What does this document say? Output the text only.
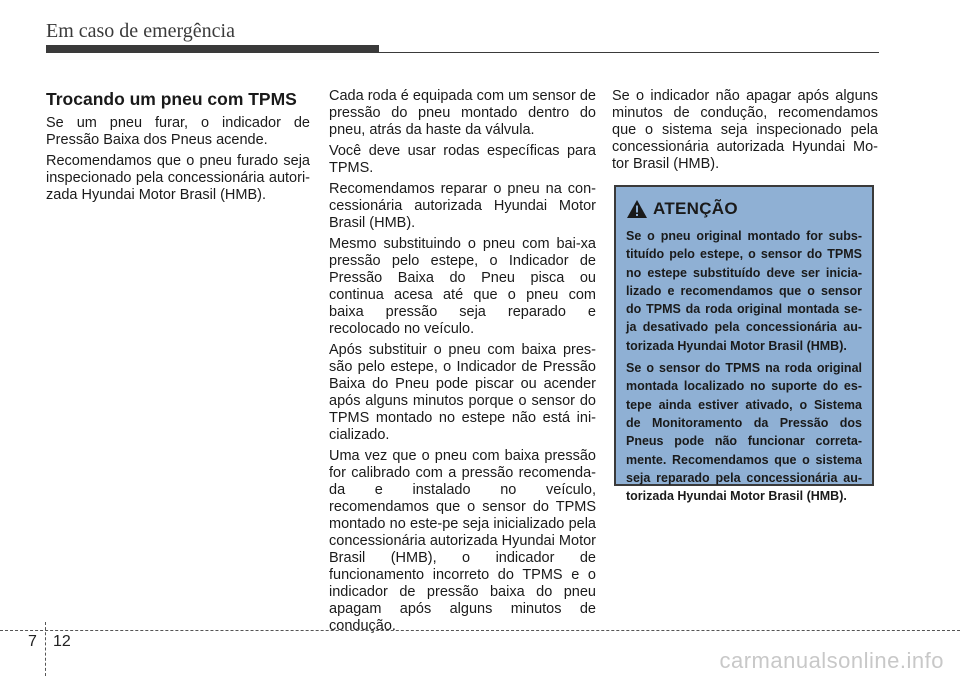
Em caso de emergência
Trocando um pneu com TPMS

Se um pneu furar, o indicador de Pressão Baixa dos Pneus acende.

Recomendamos que o pneu furado seja inspecionado pela concessionária autori-zada Hyundai Motor Brasil (HMB).

Cada roda é equipada com um sensor de pressão do pneu montado dentro do pneu, atrás da haste da válvula.

Você deve usar rodas específicas para TPMS.

Recomendamos reparar o pneu na con-cessionária autorizada Hyundai Motor Brasil (HMB).

Mesmo substituindo o pneu com bai-xa pressão pelo estepe, o Indicador de Pressão Baixa do Pneu pisca ou continua acesa até que o pneu com baixa pressão seja reparado e recolocado no veículo.

Após substituir o pneu com baixa pres-são pelo estepe, o Indicador de Pressão Baixa do Pneu pode piscar ou acender após alguns minutos porque o sensor do TPMS montado no estepe não está ini-cializado.

Uma vez que o pneu com baixa pressão for calibrado com a pressão recomenda-da e instalado no veículo, recomendamos que o sensor do TPMS montado no este-pe seja inicializado pela concessionária autorizada Hyundai Motor Brasil (HMB), o indicador de funcionamento incorreto do TPMS e o indicador de pressão baixa do pneu apagam após alguns minutos de condução.

Se o indicador não apagar após alguns minutos de condução, recomendamos que o sistema seja inspecionado pela concessionária autorizada Hyundai Mo-tor Brasil (HMB).

ATENÇÃO

Se o pneu original montado for subs-tituído pelo estepe, o sensor do TPMS no estepe substituído deve ser inicia-lizado e recomendamos que o sensor do TPMS da roda original montada se-ja desativado pela concessionária au-torizada Hyundai Motor Brasil (HMB).

Se o sensor do TPMS na roda original montada localizado no suporte do es-tepe ainda estiver ativado, o Sistema de Monitoramento da Pressão dos Pneus pode não funcionar correta-mente. Recomendamos que o sistema seja reparado pela concessionária au-torizada Hyundai Motor Brasil (HMB).

7 12
carmanualsonline.info
